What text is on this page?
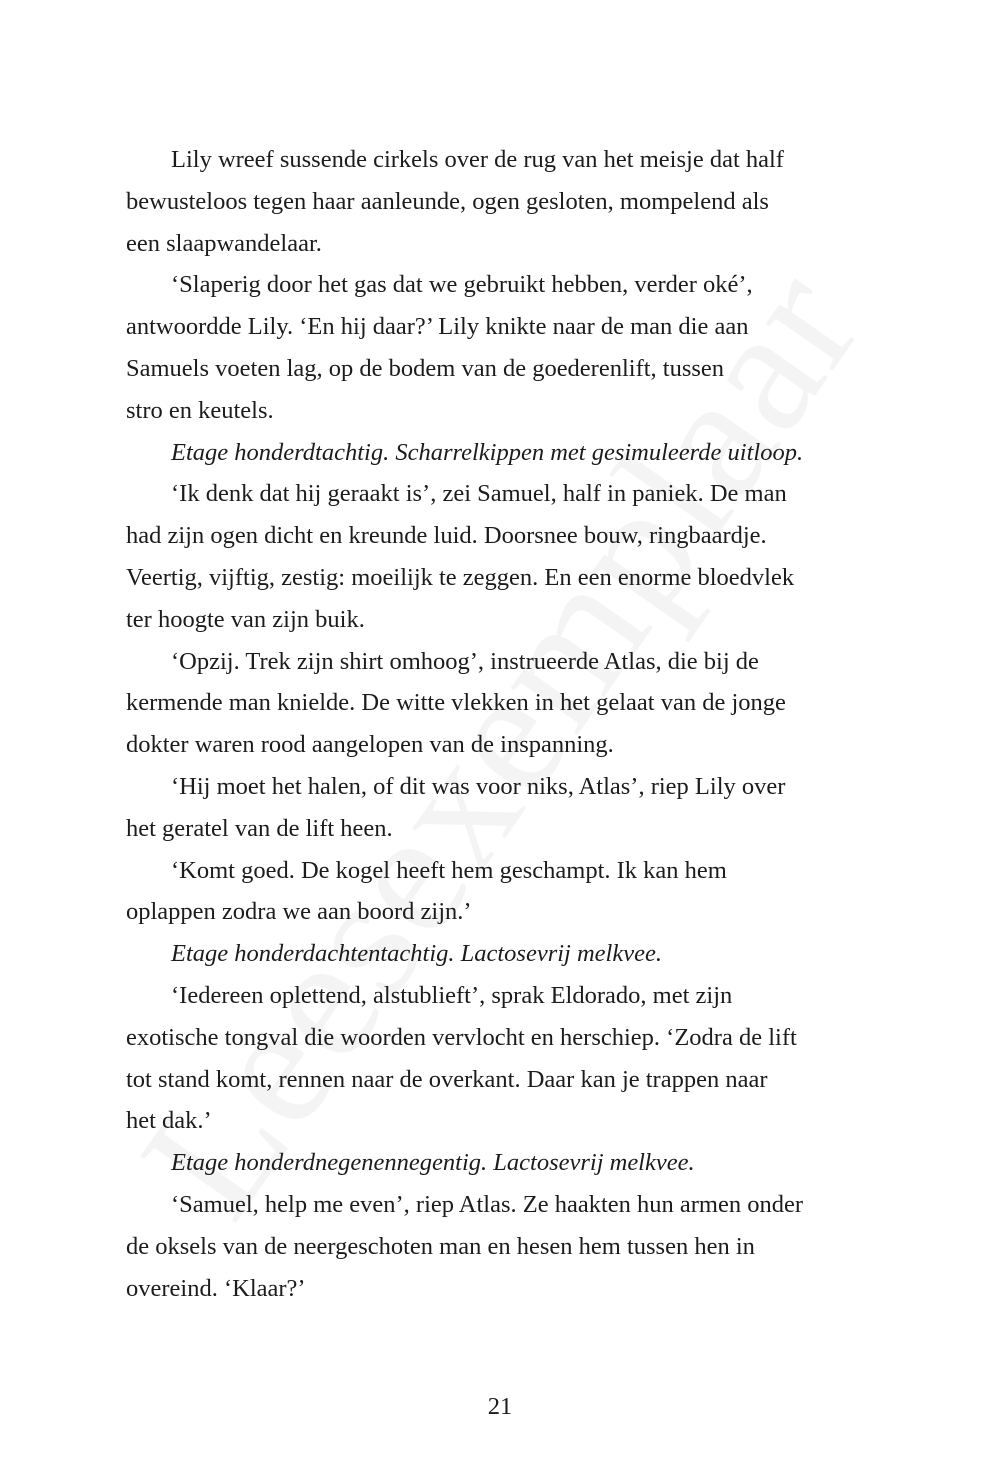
Lily wreef sussende cirkels over de rug van het meisje dat half
bewusteloos tegen haar aanleunde, ogen gesloten, mompelend als
een slaapwandelaar.
‘Slaperig door het gas dat we gebruikt hebben, verder oké’,
antwoordde Lily. ‘En hij daar?’ Lily knikte naar de man die aan
Samuels voeten lag, op de bodem van de goederenlift, tussen
stro en keutels.
Etage honderdtachtig. Scharrelkippen met gesimuleerde uitloop.
‘Ik denk dat hij geraakt is’, zei Samuel, half in paniek. De man
had zijn ogen dicht en kreunde luid. Doorsnee bouw, ringbaardje.
Veertig, vijftig, zestig: moeilijk te zeggen. En een enorme bloedvlek
ter hoogte van zijn buik.
‘Opzij. Trek zijn shirt omhoog’, instrueerde Atlas, die bij de
kermende man knielde. De witte vlekken in het gelaat van de jonge
dokter waren rood aangelopen van de inspanning.
‘Hij moet het halen, of dit was voor niks, Atlas’, riep Lily over
het geratel van de lift heen.
‘Komt goed. De kogel heeft hem geschampt. Ik kan hem
oplappen zodra we aan boord zijn.’
Etage honderdachtentachtig. Lactosevrij melkvee.
‘Iedereen oplettend, alstublieft’, sprak Eldorado, met zijn
exotische tongval die woorden vervlocht en herschiep. ‘Zodra de lift
tot stand komt, rennen naar de overkant. Daar kan je trappen naar
het dak.’
Etage honderdnegenennegentig. Lactosevrij melkvee.
‘Samuel, help me even’, riep Atlas. Ze haakten hun armen onder
de oksels van de neergeschoten man en hesen hem tussen hen in
overeind. ‘Klaar?’
21
